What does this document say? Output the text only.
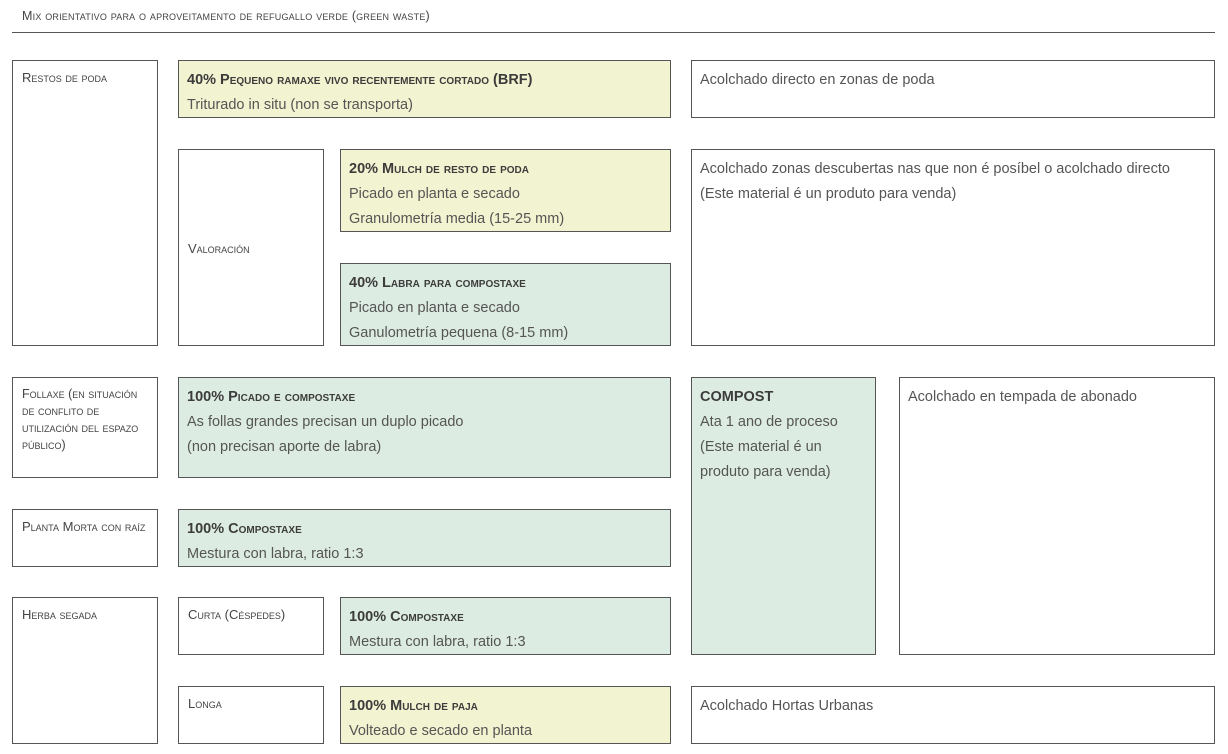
Mix orientativo para o aproveitamento de refugallo verde (green waste)
Restos de poda
Follaxe (en situación de conflito de utilización del espazo público)
Planta Morta con raíz
Herba segada
40% Pequeno ramaxe vivo recentemente cortado (BRF)
Triturado in situ (non se transporta)
Valoración
20% Mulch de resto de poda
Picado en planta e secado
Granulometría media (15-25 mm)
40% Labra para compostaxe
Picado en planta e secado
Ganulometría pequena (8-15 mm)
100% Picado e compostaxe
As follas grandes precisan un duplo picado
(non precisan aporte de labra)
100% Compostaxe
Mestura con labra, ratio 1:3
Curta (Céspedes)	100% Compostaxe
Mestura con labra, ratio 1:3
Longa	100% Mulch de paja
Volteado e secado en planta
Acolchado directo en zonas de poda
Acolchado zonas descubertas nas que non é posíbel o acolchado directo
(Este material é un produto para venda)
COMPOST
Ata 1 ano de proceso
(Este material é un
produto para venda)
Acolchado en tempada de abonado
Acolchado Hortas Urbanas
